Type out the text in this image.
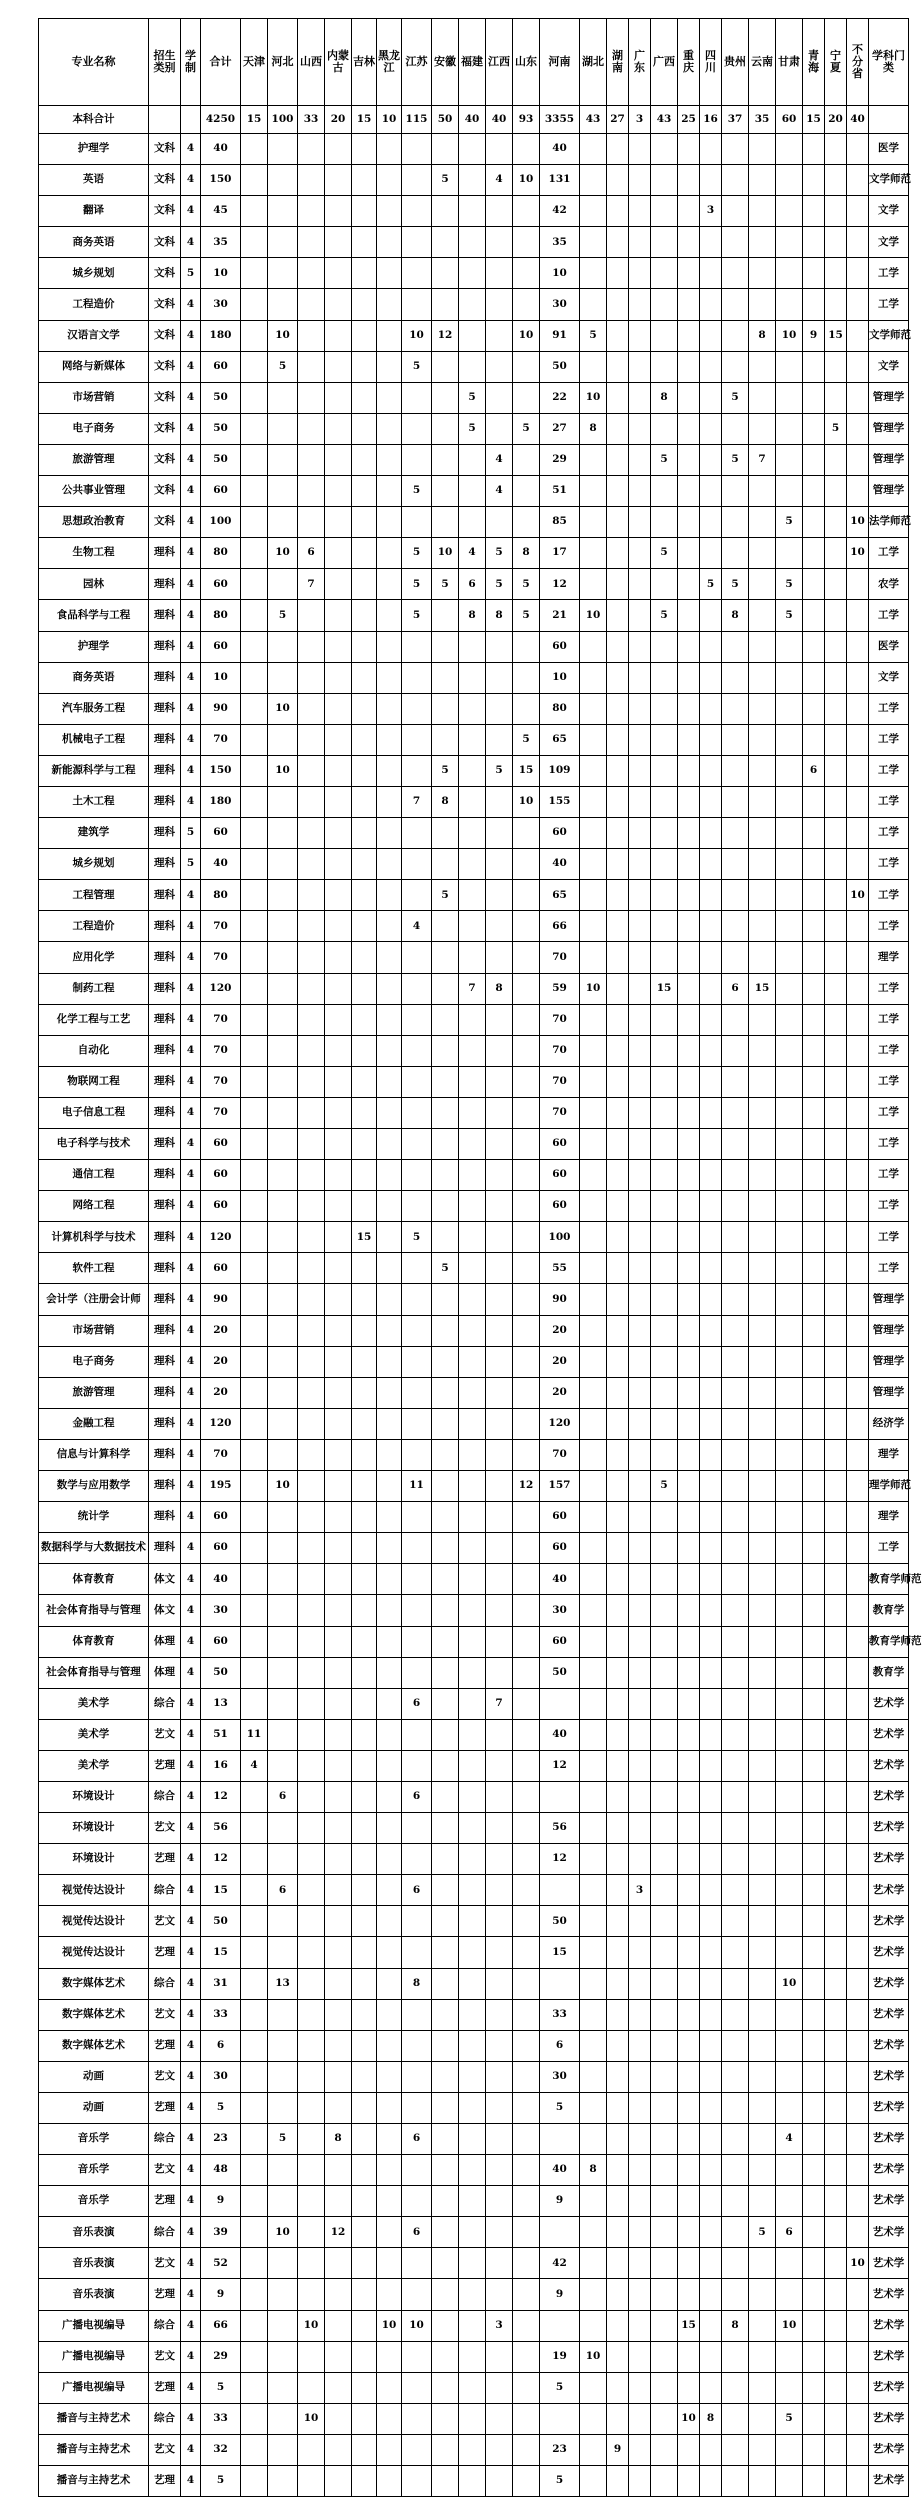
专业名称	招生类别	学制	合计	天津	河北	山西	内蒙古	吉林	黑龙江	江苏	安徽	福建	江西	山东	河南	湖北	湖南	广东	广西	重庆	四川	贵州	云南	甘肃	青海	宁夏	不分省	学科门类
本科合计			4250	15	100	33	20	15	10	115	50	40	40	93	3355	43	27	3	43	25	16	37	35	60	15	20	40	
护理学	文科	4	40												40													医学
英语	文科	4	150								5		4	10	131													文学师范
翻译	文科	4	45												42						3							文学
商务英语	文科	4	35												35													文学
城乡规划	文科	5	10												10													工学
工程造价	文科	4	30												30													工学
汉语言文学	文科	4	180		10					10	12			10	91	5							8	10	9	15		文学师范
网络与新媒体	文科	4	60		5					5					50													文学
市场营销	文科	4	50									5			22	10			8			5						管理学
电子商务	文科	4	50									5		5	27	8										5		管理学
旅游管理	文科	4	50										4		29				5			5	7					管理学
公共事业管理	文科	4	60							5			4		51													管理学
思想政治教育	文科	4	100												85									5			10	法学师范
生物工程	理科	4	80		10	6				5	10	4	5	8	17				5								10	工学
园林	理科	4	60			7				5	5	6	5	5	12						5	5		5				农学
食品科学与工程	理科	4	80		5					5		8	8	5	21	10			5			8		5				工学
护理学	理科	4	60												60													医学
商务英语	理科	4	10												10													文学
汽车服务工程	理科	4	90		10										80													工学
机械电子工程	理科	4	70											5	65													工学
新能源科学与工程	理科	4	150		10						5		5	15	109										6			工学
土木工程	理科	4	180							7	8			10	155													工学
建筑学	理科	5	60												60													工学
城乡规划	理科	5	40												40													工学
工程管理	理科	4	80								5				65												10	工学
工程造价	理科	4	70							4					66													工学
应用化学	理科	4	70												70													理学
制药工程	理科	4	120									7	8		59	10			15			6	15					工学
化学工程与工艺	理科	4	70												70													工学
自动化	理科	4	70												70													工学
物联网工程	理科	4	70												70													工学
电子信息工程	理科	4	70												70													工学
电子科学与技术	理科	4	60												60													工学
通信工程	理科	4	60												60													工学
网络工程	理科	4	60												60													工学
计算机科学与技术	理科	4	120					15		5					100													工学
软件工程	理科	4	60								5				55													工学
会计学（注册会计师	理科	4	90												90													管理学
市场营销	理科	4	20												20													管理学
电子商务	理科	4	20												20													管理学
旅游管理	理科	4	20												20													管理学
金融工程	理科	4	120												120													经济学
信息与计算科学	理科	4	70												70													理学
数学与应用数学	理科	4	195		10					11				12	157				5									理学师范
统计学	理科	4	60												60													理学
数据科学与大数据技术	理科	4	60												60													工学
体育教育	体文	4	40												40													教育学师范
社会体育指导与管理	体文	4	30												30													教育学
体育教育	体理	4	60												60													教育学师范
社会体育指导与管理	体理	4	50												50													教育学
美术学	综合	4	13							6			7															艺术学
美术学	艺文	4	51	11											40													艺术学
美术学	艺理	4	16	4											12													艺术学
环境设计	综合	4	12		6					6																		艺术学
环境设计	艺文	4	56												56													艺术学
环境设计	艺理	4	12												12													艺术学
视觉传达设计	综合	4	15		6					6								3										艺术学
视觉传达设计	艺文	4	50												50													艺术学
视觉传达设计	艺理	4	15												15													艺术学
数字媒体艺术	综合	4	31		13					8														10				艺术学
数字媒体艺术	艺文	4	33												33													艺术学
数字媒体艺术	艺理	4	6												6													艺术学
动画	艺文	4	30												30													艺术学
动画	艺理	4	5												5													艺术学
音乐学	综合	4	23		5		8			6														4				艺术学
音乐学	艺文	4	48												40	8												艺术学
音乐学	艺理	4	9												9													艺术学
音乐表演	综合	4	39		10		12			6													5	6				艺术学
音乐表演	艺文	4	52												42												10	艺术学
音乐表演	艺理	4	9												9													艺术学
广播电视编导	综合	4	66			10			10	10			3							15		8		10				艺术学
广播电视编导	艺文	4	29												19	10												艺术学
广播电视编导	艺理	4	5												5													艺术学
播音与主持艺术	综合	4	33			10														10	8			5				艺术学
播音与主持艺术	艺文	4	32												23		9											艺术学
播音与主持艺术	艺理	4	5												5													艺术学
